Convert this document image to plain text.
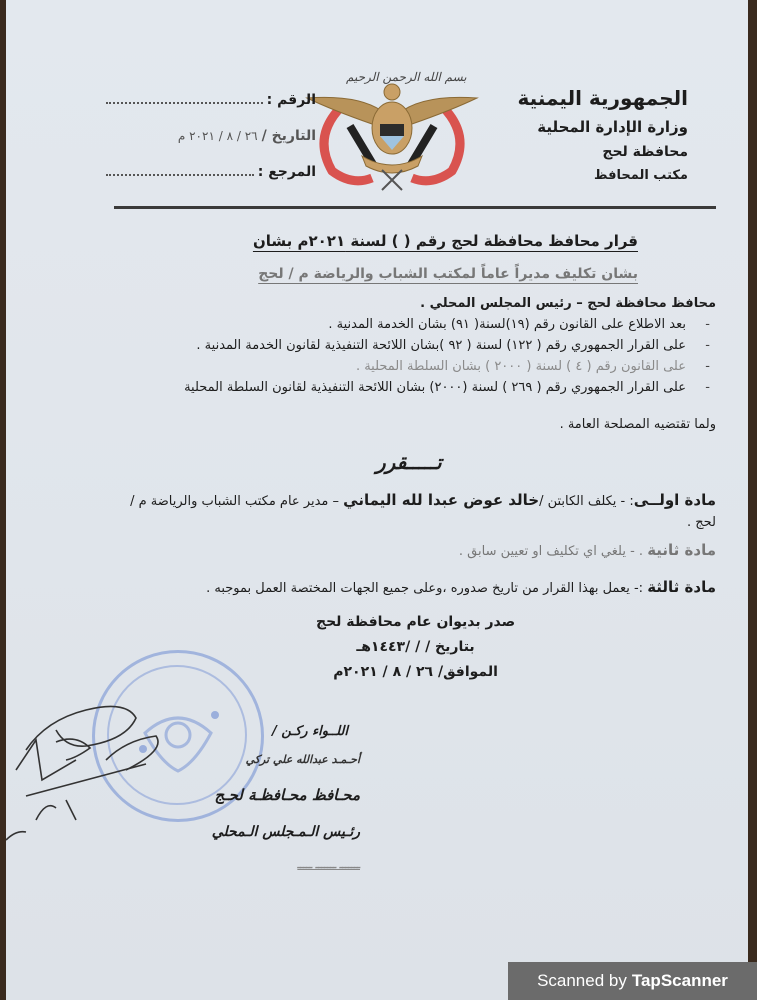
الجمهورية اليمنية
وزارة الإدارة المحلية
محافظة لحج
مكتب المحافظ
بسم الله الرحمن الرحيم
الرقم :
التاريخ /
٢٦ / ٨ / ٢٠٢١ م
المرجع :
قرار محافظ محافظة لحج رقم ( ) لسنة ٢٠٢١م بشان
بشان تكليف مديراً عاماً لمكتب الشباب والرياضة م / لحج
محافظ محافظة لحج – رئيس المجلس المحلي .
- بعد الاطلاع على القانون رقم (١٩)لسنة( ٩١) بشان الخدمة المدنية .
- على القرار الجمهوري رقم ( ١٢٢) لسنة ( ٩٢ )بشان اللائحة التنفيذية لقانون الخدمة المدنية .
- على القانون رقم ( ٤ ) لسنة ( ٢٠٠٠ ) بشان السلطة المحلية .
- على القرار الجمهوري رقم ( ٢٦٩ ) لسنة (٢٠٠٠) بشان اللائحة التنفيذية لقانون السلطة المحلية
ولما تقتضيه المصلحة العامة .
تـــــقرر
مادة اولــى: - يكلف الكابتن /خالد عوض عبدا لله اليماني – مدير عام مكتب الشباب والرياضة م /
لحج .
مادة ثانية . - يلغي اي تكليف او تعيين سابق .
مادة ثالثة :- يعمل بهذا القرار من تاريخ صدوره ،وعلى جميع الجهات المختصة العمل بموجبه .
صدر بديوان عام محافظة لحج
بتاريخ / / /١٤٤٣هـ
الموافق/ ٢٦ / ٨ / ٢٠٢١م
اللــواء ركـن /
أحـمـد عبدالله علي تركي
محـافظ محـافظـة لحـج
رئـيس الـمـجلس الـمحلي
ـــــــ ـــــــ ـــــ
Scanned by TapScanner
